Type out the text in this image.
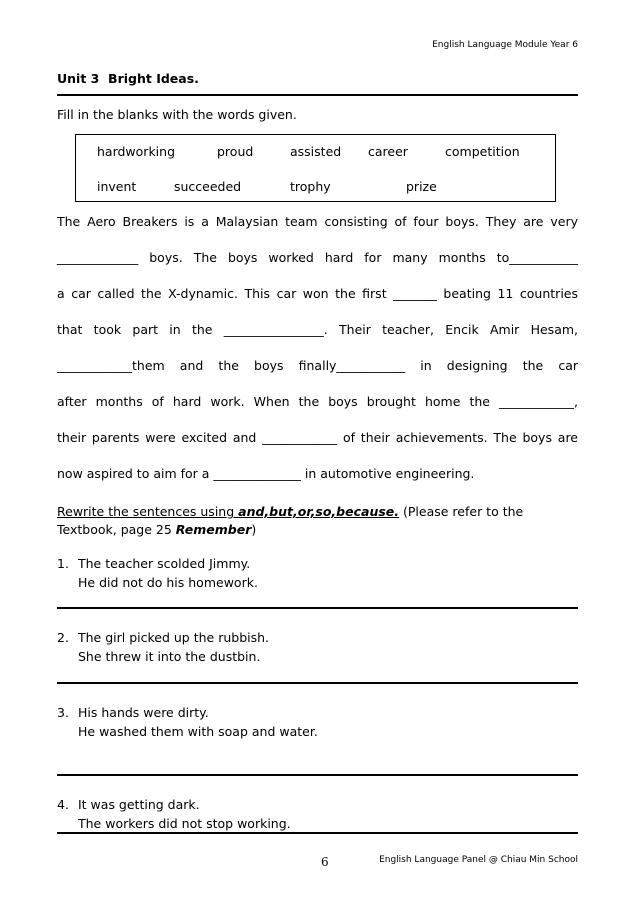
English Language Module Year 6
Unit 3  Bright Ideas.
Fill in the blanks with the words given.
hardworking	proud	assisted career	competition
invent	succeeded	trophy	prize
The Aero Breakers is a Malaysian team consisting of four boys. They are very
_____________ boys. The boys worked hard for many months to___________
a car called the X-dynamic. This car won the first _______ beating 11 countries
that took part in the ________________. Their teacher, Encik Amir Hesam,
____________them and the boys finally___________ in designing the car
after months of hard work. When the boys brought home the ____________,
their parents were excited and ____________ of their achievements. The boys are
now aspired to aim for a ______________ in automotive engineering.
Rewrite the sentences using and,but,or,so,because. (Please refer to the Textbook, page 25 Remember)
1. The teacher scolded Jimmy.
He did not do his homework.
2. The girl picked up the rubbish.
She threw it into the dustbin.
3. His hands were dirty.
He washed them with soap and water.
4. It was getting dark.
The workers did not stop working.
6	English Language Panel @ Chiau Min School
